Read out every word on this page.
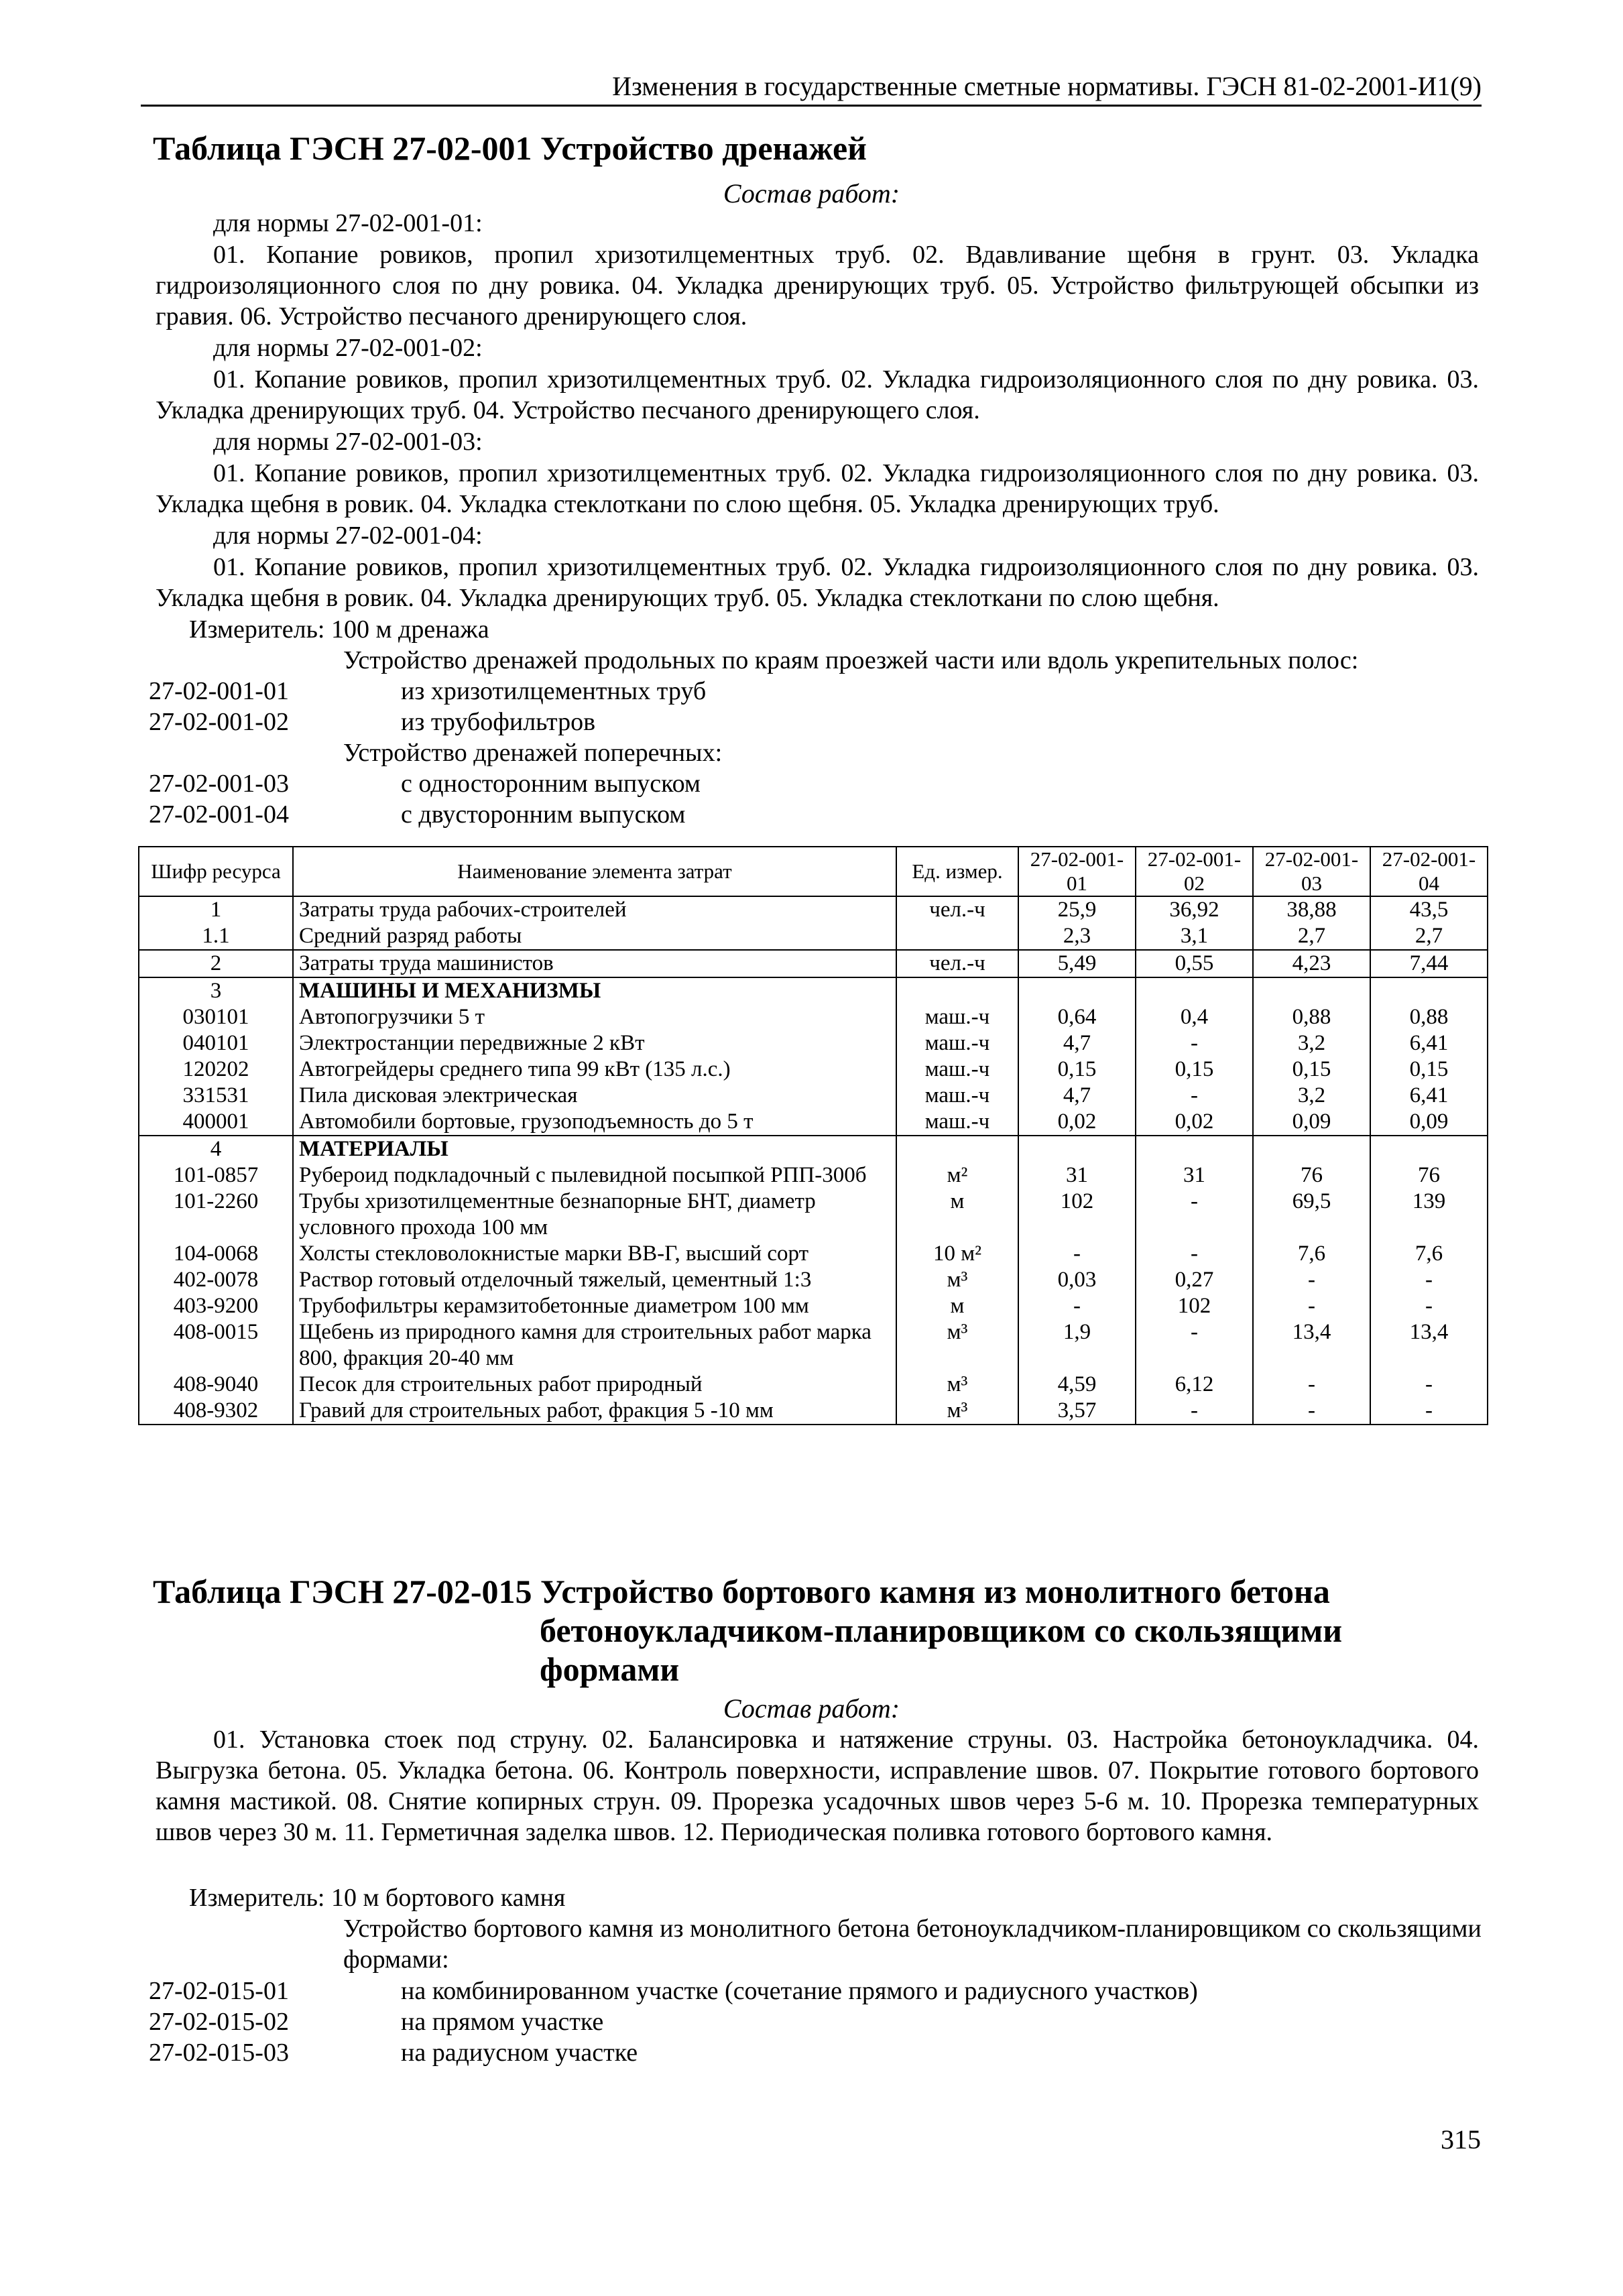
Изменения в государственные сметные нормативы. ГЭСН 81-02-2001-И1(9)
Таблица ГЭСН 27-02-001 Устройство дренажей
Состав работ:
для нормы 27-02-001-01:
01. Копание ровиков, пропил хризотилцементных труб. 02. Вдавливание щебня в грунт. 03. Укладка гидроизоляционного слоя по дну ровика. 04. Укладка дренирующих труб. 05. Устройство фильтрующей обсыпки из гравия. 06. Устройство песчаного дренирующего слоя.
для нормы 27-02-001-02:
01. Копание ровиков, пропил хризотилцементных труб. 02. Укладка гидроизоляционного слоя по дну ровика. 03. Укладка дренирующих труб. 04. Устройство песчаного дренирующего слоя.
для нормы 27-02-001-03:
01. Копание ровиков, пропил хризотилцементных труб. 02. Укладка гидроизоляционного слоя по дну ровика. 03. Укладка щебня в ровик. 04. Укладка стеклоткани по слою щебня. 05. Укладка дренирующих труб.
для нормы 27-02-001-04:
01. Копание ровиков, пропил хризотилцементных труб. 02. Укладка гидроизоляционного слоя по дну ровика. 03. Укладка щебня в ровик. 04. Укладка дренирующих труб. 05. Укладка стеклоткани по слою щебня.
Измеритель: 100 м дренажа
Устройство дренажей продольных по краям проезжей части или вдоль укрепительных полос:
27-02-001-01	из хризотилцементных труб
27-02-001-02	из трубофильтров
Устройство дренажей поперечных:
27-02-001-03	с односторонним выпуском
27-02-001-04	с двусторонним выпуском
Шифр ресурса	Наименование элемента затрат	Ед. измер.	27-02-001-01	27-02-001-02	27-02-001-03	27-02-001-04
1	Затраты труда рабочих-строителей	чел.-ч	25,9	36,92	38,88	43,5
1.1	Средний разряд работы		2,3	3,1	2,7	2,7
2	Затраты труда машинистов	чел.-ч	5,49	0,55	4,23	7,44
3	МАШИНЫ И МЕХАНИЗМЫ					
030101	Автопогрузчики 5 т	маш.-ч	0,64	0,4	0,88	0,88
040101	Электростанции передвижные 2 кВт	маш.-ч	4,7	-	3,2	6,41
120202	Автогрейдеры среднего типа 99 кВт (135 л.с.)	маш.-ч	0,15	0,15	0,15	0,15
331531	Пила дисковая электрическая	маш.-ч	4,7	-	3,2	6,41
400001	Автомобили бортовые, грузоподъемность до 5 т	маш.-ч	0,02	0,02	0,09	0,09
4	МАТЕРИАЛЫ					
101-0857	Рубероид подкладочный с пылевидной посыпкой РПП-300б	м²	31	31	76	76
101-2260	Трубы хризотилцементные безнапорные БНТ, диаметр условного прохода 100 мм	м	102	-	69,5	139
104-0068	Холсты стекловолокнистые марки ВВ-Г, высший сорт	10 м²	-	-	7,6	7,6
402-0078	Раствор готовый отделочный тяжелый, цементный 1:3	м³	0,03	0,27	-	-
403-9200	Трубофильтры керамзитобетонные диаметром 100 мм	м	-	102	-	-
408-0015	Щебень из природного камня для строительных работ марка 800, фракция 20-40 мм	м³	1,9	-	13,4	13,4
408-9040	Песок для строительных работ природный	м³	4,59	6,12	-	-
408-9302	Гравий для строительных работ, фракция 5 -10 мм	м³	3,57	-	-	-
Таблица ГЭСН 27-02-015 Устройство бортового камня из монолитного бетона
бетоноукладчиком-планировщиком со скользящими
формами
Состав работ:
01. Установка стоек под струну. 02. Балансировка и натяжение струны. 03. Настройка бетоноукладчика. 04. Выгрузка бетона. 05. Укладка бетона. 06. Контроль поверхности, исправление швов. 07. Покрытие готового бортового камня мастикой. 08. Снятие копирных струн. 09. Прорезка усадочных швов через 5-6 м. 10. Прорезка температурных швов через 30 м. 11. Герметичная заделка швов. 12. Периодическая поливка готового бортового камня.
Измеритель: 10 м бортового камня
Устройство бортового камня из монолитного бетона бетоноукладчиком-планировщиком со скользящими формами:
27-02-015-01	на комбинированном участке (сочетание прямого и радиусного участков)
27-02-015-02	на прямом участке
27-02-015-03	на радиусном участке
315
